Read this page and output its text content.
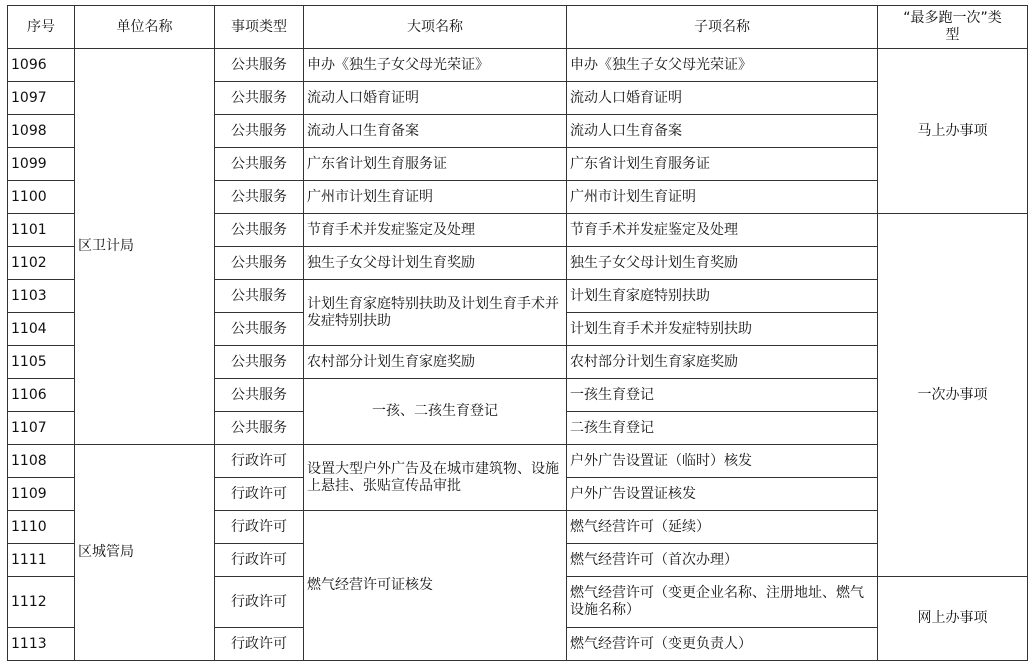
序号	单位名称	事项类型	大项名称	子项名称	“最多跑一次”类型
1096	区卫计局	公共服务	申办《独生子女父母光荣证》	申办《独生子女父母光荣证》	马上办事项
1097		公共服务	流动人口婚育证明	流动人口婚育证明	
1098		公共服务	流动人口生育备案	流动人口生育备案	
1099		公共服务	广东省计划生育服务证	广东省计划生育服务证	
1100		公共服务	广州市计划生育证明	广州市计划生育证明	
1101		公共服务	节育手术并发症鉴定及处理	节育手术并发症鉴定及处理	一次办事项
1102		公共服务	独生子女父母计划生育奖励	独生子女父母计划生育奖励	
1103		公共服务	计划生育家庭特别扶助及计划生育手术并发症特别扶助	计划生育家庭特别扶助	
1104		公共服务		计划生育手术并发症特别扶助	
1105		公共服务	农村部分计划生育家庭奖励	农村部分计划生育家庭奖励	
1106		公共服务	一孩、二孩生育登记	一孩生育登记	
1107		公共服务		二孩生育登记	
1108	区城管局	行政许可	设置大型户外广告及在城市建筑物、设施上悬挂、张贴宣传品审批	户外广告设置证（临时）核发	
1109		行政许可		户外广告设置证核发	
1110		行政许可	燃气经营许可证核发	燃气经营许可（延续）	
1111		行政许可		燃气经营许可（首次办理）	
1112		行政许可		燃气经营许可（变更企业名称、注册地址、燃气设施名称）	网上办事项
1113		行政许可		燃气经营许可（变更负责人）	
